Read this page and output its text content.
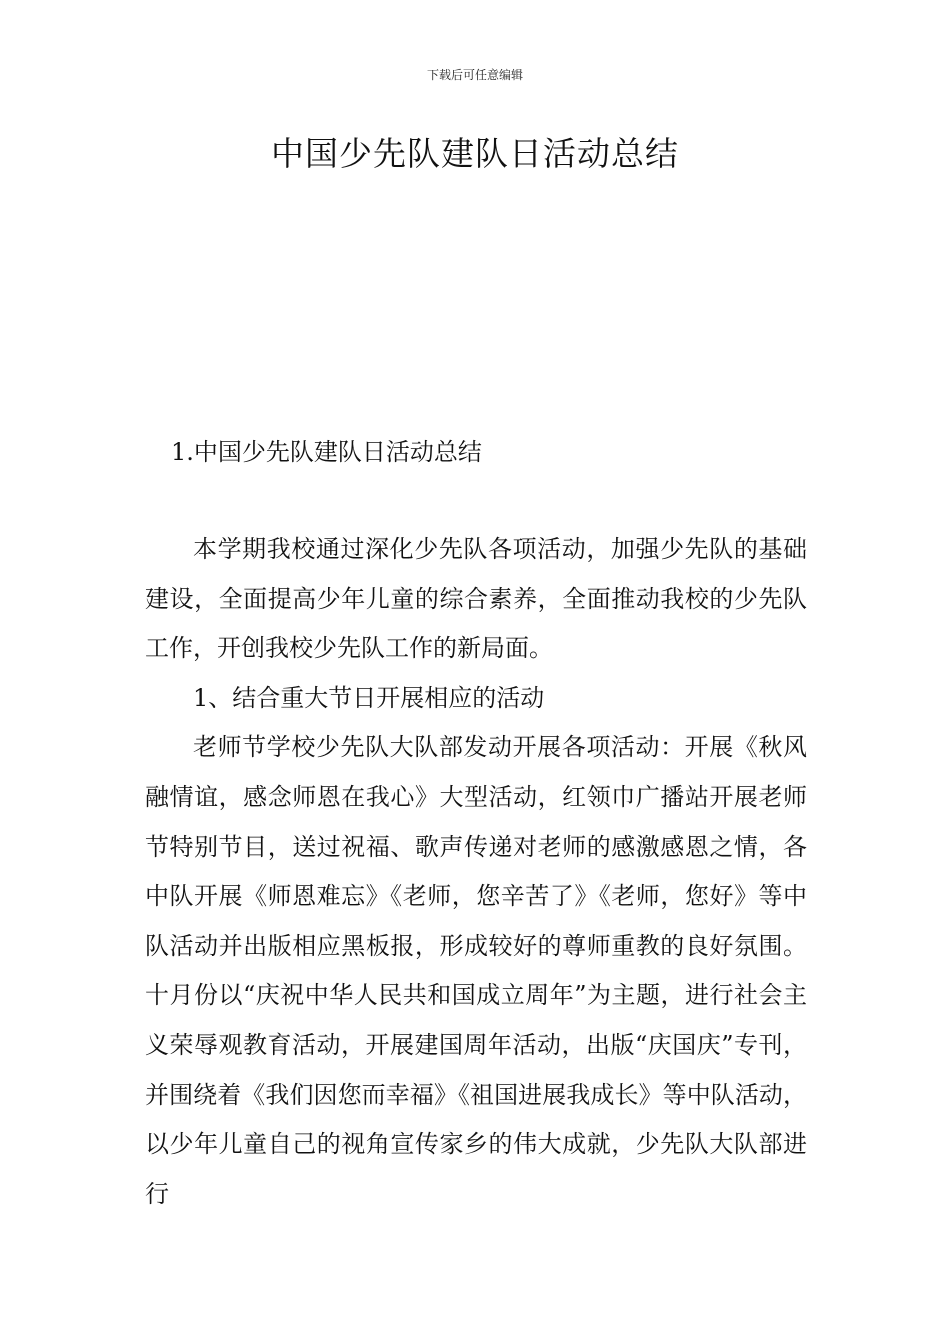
下载后可任意编辑
中国少先队建队日活动总结
1.中国少先队建队日活动总结

本学期我校通过深化少先队各项活动，加强少先队的基础建设，全面提高少年儿童的综合素养，全面推动我校的少先队工作，开创我校少先队工作的新局面。

1、结合重大节日开展相应的活动

老师节学校少先队大队部发动开展各项活动：开展《秋风融情谊，感念师恩在我心》大型活动，红领巾广播站开展老师节特别节目，送过祝福、歌声传递对老师的感激感恩之情，各中队开展《师恩难忘》《老师，您辛苦了》《老师，您好》等中队活动并出版相应黑板报，形成较好的尊师重教的良好氛围。十月份以“庆祝中华人民共和国成立周年”为主题，进行社会主义荣辱观教育活动，开展建国周年活动，出版“庆国庆”专刊，并围绕着《我们因您而幸福》《祖国进展我成长》等中队活动，以少年儿童自己的视角宣传家乡的伟大成就，少先队大队部进行
